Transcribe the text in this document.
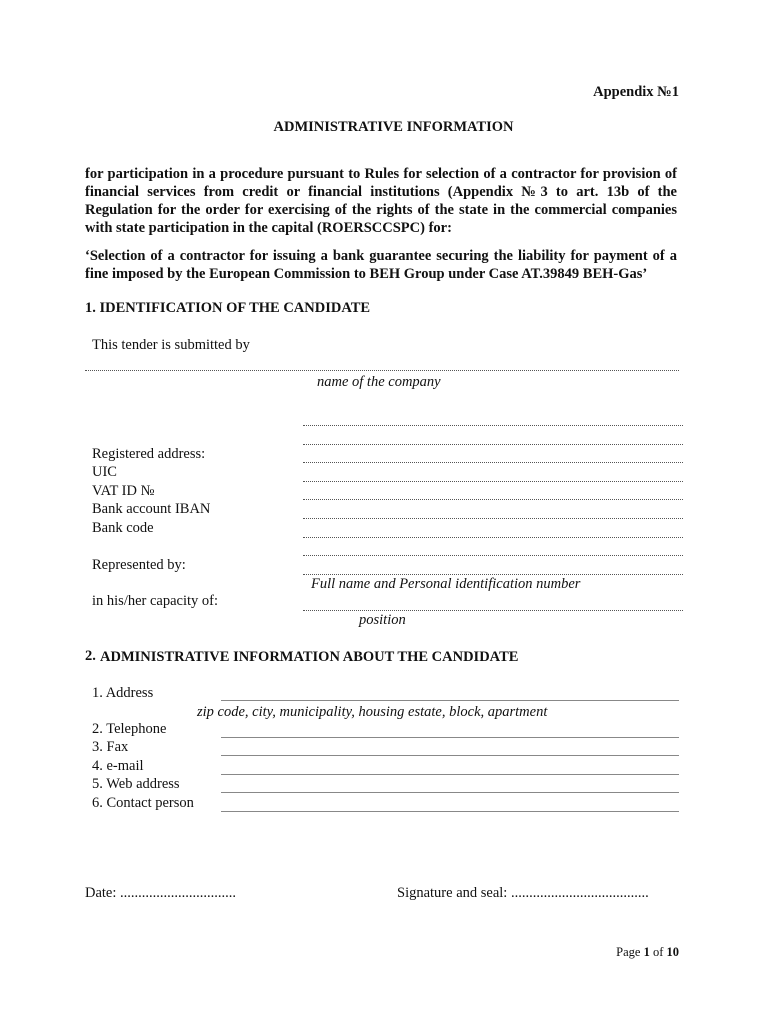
Appendix №1
ADMINISTRATIVE INFORMATION
for participation in a procedure pursuant to Rules for selection of a contractor for provision of financial services from credit or financial institutions (Appendix №3 to art. 13b of the Regulation for the order for exercising of the rights of the state in the commercial companies with state participation in the capital (ROERSCCSPC) for:
‘Selection of a contractor for issuing a bank guarantee securing the liability for payment of a fine imposed by the European Commission to BEH Group under Case AT.39849 BEH-Gas’
1. IDENTIFICATION OF THE CANDIDATE
This tender is submitted by
name of the company
Registered address:
UIC
VAT ID №
Bank account IBAN
Bank code
Represented by:
Full name and Personal identification number
in his/her capacity of:
position
2. ADMINISTRATIVE INFORMATION ABOUT THE CANDIDATE
1. Address
zip code, city, municipality, housing estate, block, apartment
2. Telephone
3. Fax
4. e-mail
5. Web address
6. Contact person
Date: ................................	Signature and seal: ......................................
Page 1 of 10
